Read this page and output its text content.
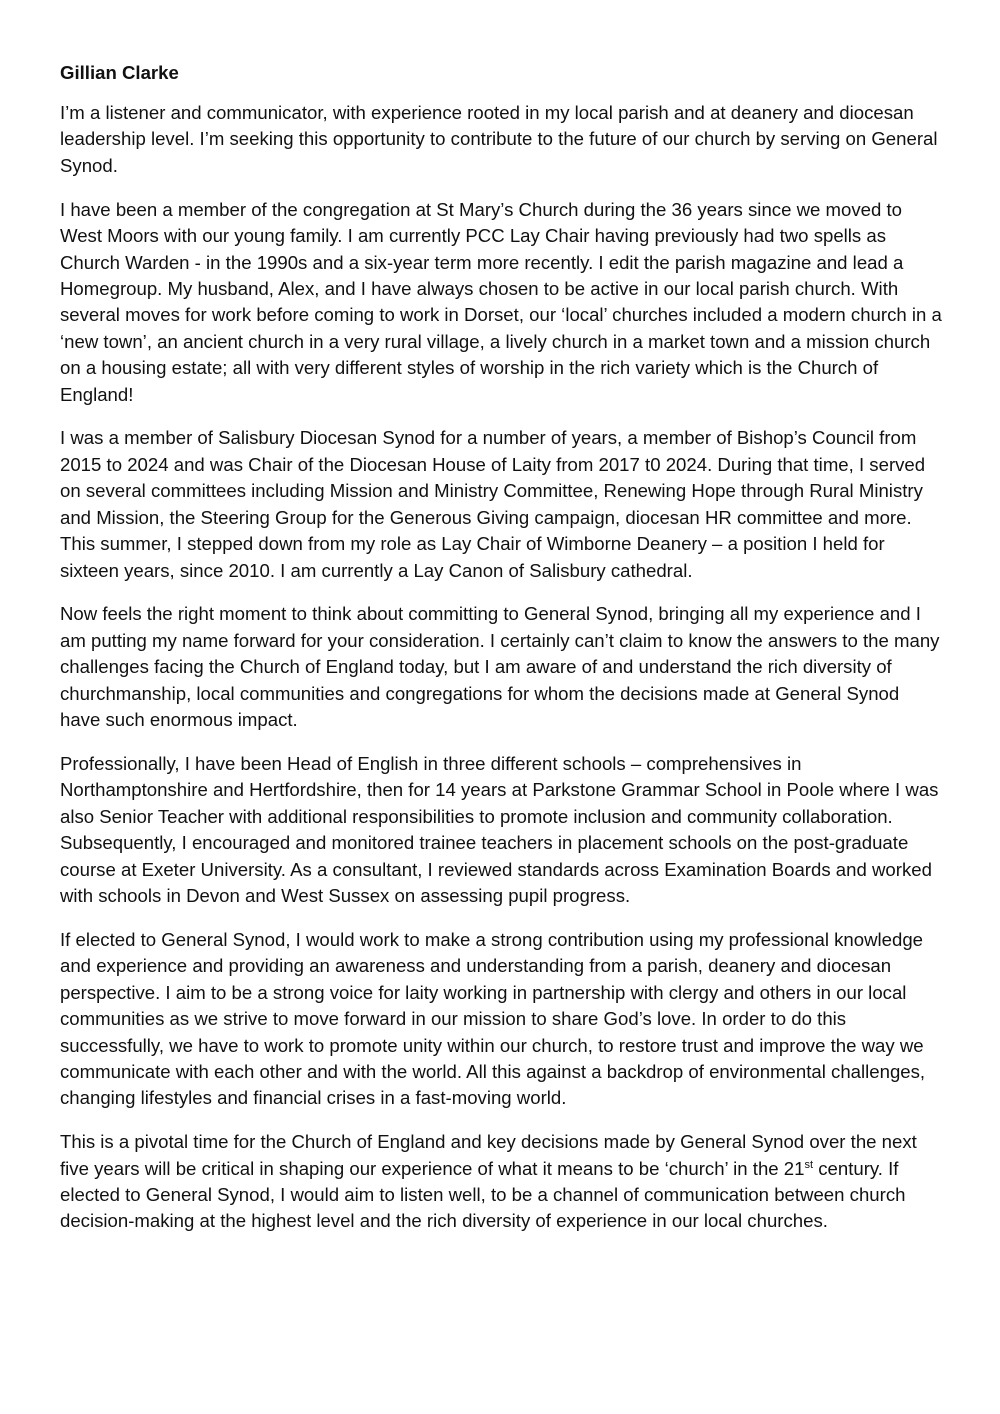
Gillian Clarke

I’m a listener and communicator, with experience rooted in my local parish and at deanery and diocesan leadership level. I’m seeking this opportunity to contribute to the future of our church by serving on General Synod.

I have been a member of the congregation at St Mary’s Church during the 36 years since we moved to West Moors with our young family. I am currently PCC Lay Chair having previously had two spells as Church Warden - in the 1990s and a six-year term more recently. I edit the parish magazine and lead a Homegroup. My husband, Alex, and I have always chosen to be active in our local parish church. With several moves for work before coming to work in Dorset, our ‘local’ churches included a modern church in a ‘new town’, an ancient church in a very rural village, a lively church in a market town and a mission church on a housing estate; all with very different styles of worship in the rich variety which is the Church of England!

I was a member of Salisbury Diocesan Synod for a number of years, a member of Bishop’s Council from 2015 to 2024 and was Chair of the Diocesan House of Laity from 2017 t0 2024. During that time, I served on several committees including Mission and Ministry Committee, Renewing Hope through Rural Ministry and Mission, the Steering Group for the Generous Giving campaign, diocesan HR committee and more. This summer, I stepped down from my role as Lay Chair of Wimborne Deanery – a position I held for sixteen years, since 2010. I am currently a Lay Canon of Salisbury cathedral.

Now feels the right moment to think about committing to General Synod, bringing all my experience and I am putting my name forward for your consideration. I certainly can’t claim to know the answers to the many challenges facing the Church of England today, but I am aware of and understand the rich diversity of churchmanship, local communities and congregations for whom the decisions made at General Synod have such enormous impact.

Professionally, I have been Head of English in three different schools – comprehensives in Northamptonshire and Hertfordshire, then for 14 years at Parkstone Grammar School in Poole where I was also Senior Teacher with additional responsibilities to promote inclusion and community collaboration. Subsequently, I encouraged and monitored trainee teachers in placement schools on the post-graduate course at Exeter University. As a consultant, I reviewed standards across Examination Boards and worked with schools in Devon and West Sussex on assessing pupil progress.

If elected to General Synod, I would work to make a strong contribution using my professional knowledge and experience and providing an awareness and understanding from a parish, deanery and diocesan perspective. I aim to be a strong voice for laity working in partnership with clergy and others in our local communities as we strive to move forward in our mission to share God’s love. In order to do this successfully, we have to work to promote unity within our church, to restore trust and improve the way we communicate with each other and with the world. All this against a backdrop of environmental challenges, changing lifestyles and financial crises in a fast-moving world.

This is a pivotal time for the Church of England and key decisions made by General Synod over the next five years will be critical in shaping our experience of what it means to be ‘church’ in the 21st century. If elected to General Synod, I would aim to listen well, to be a channel of communication between church decision-making at the highest level and the rich diversity of experience in our local churches.
